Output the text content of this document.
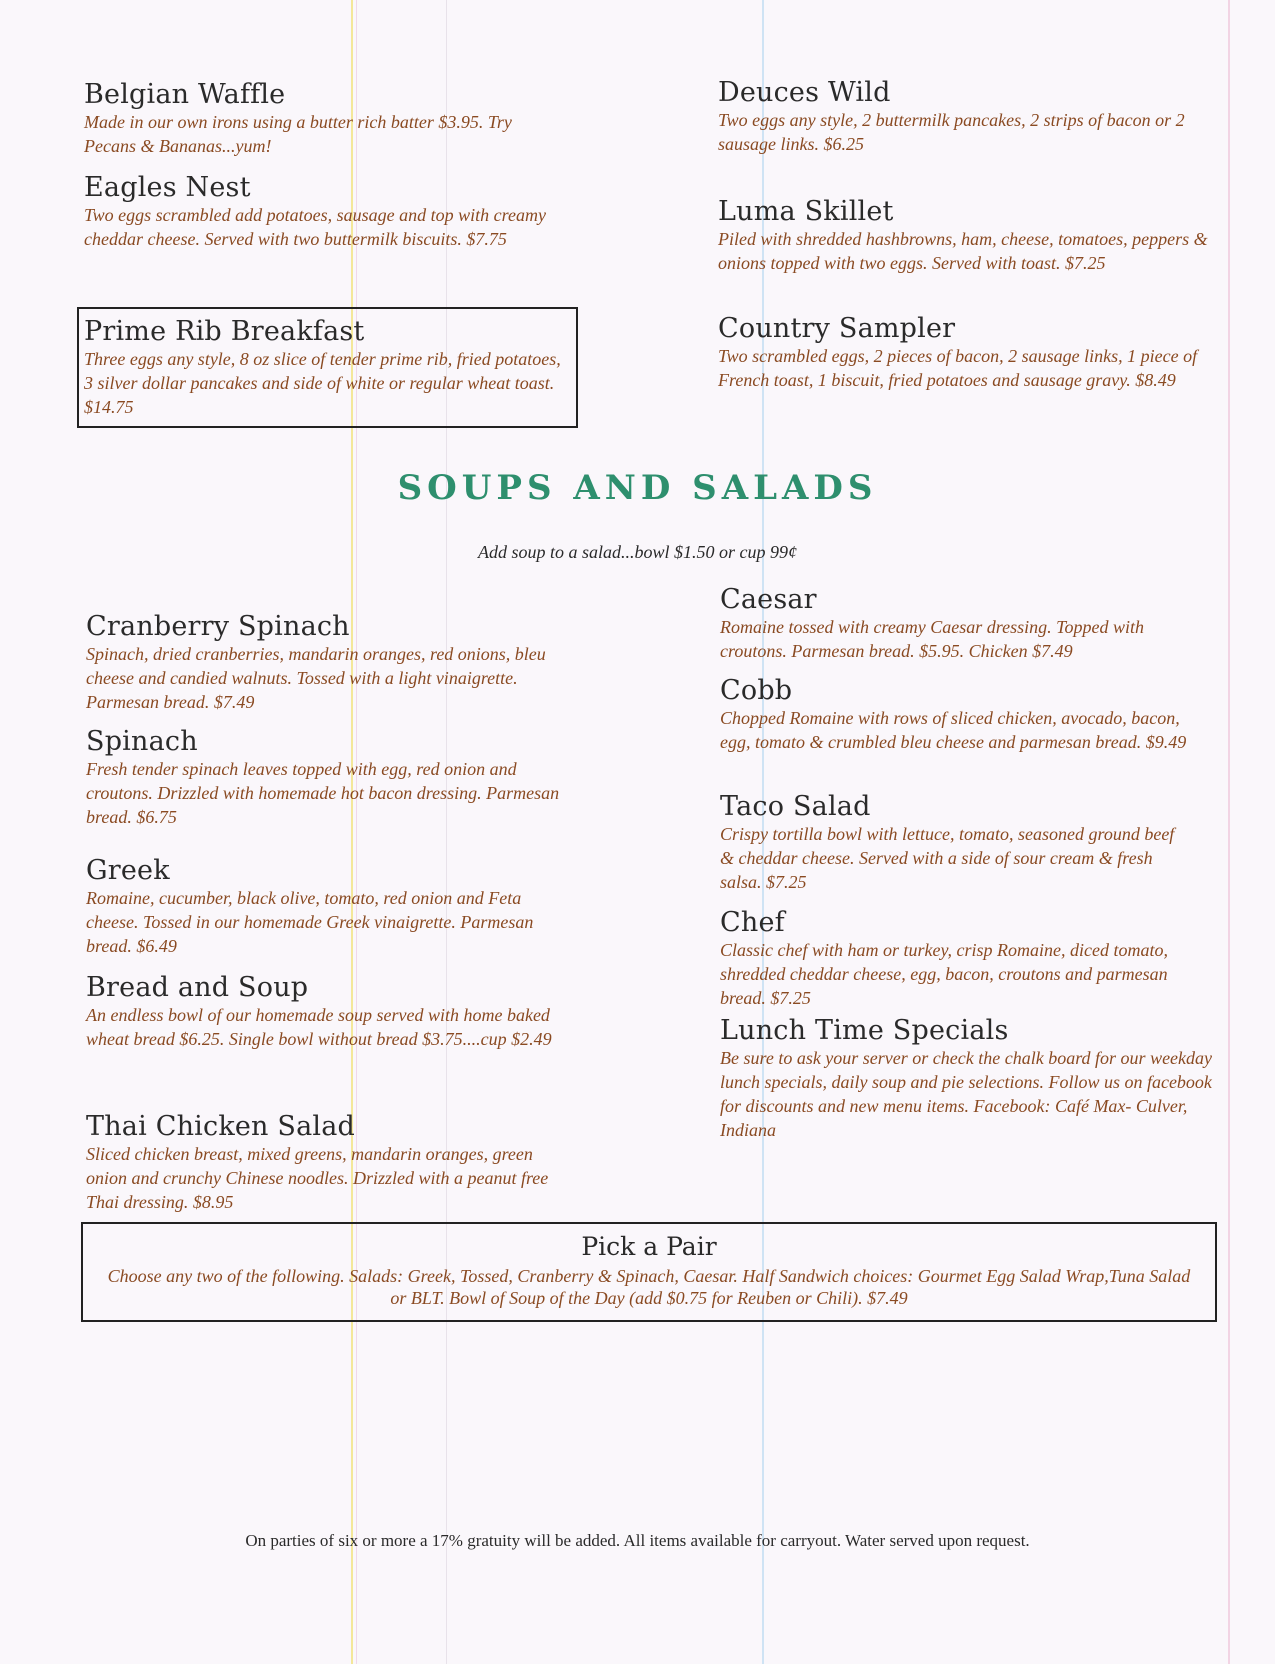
Belgian Waffle

Made in our own irons using a butter rich batter $3.95. Try Pecans & Bananas...yum!

Eagles Nest

Two eggs scrambled add potatoes, sausage and top with creamy cheddar cheese. Served with two buttermilk biscuits. $7.75

Prime Rib Breakfast

Three eggs any style, 8 oz slice of tender prime rib, fried potatoes, 3 silver dollar pancakes and side of white or regular wheat toast. $14.75

Deuces Wild

Two eggs any style, 2 buttermilk pancakes, 2 strips of bacon or 2 sausage links. $6.25

Luma Skillet

Piled with shredded hashbrowns, ham, cheese, tomatoes, peppers & onions topped with two eggs. Served with toast. $7.25

Country Sampler

Two scrambled eggs, 2 pieces of bacon, 2 sausage links, 1 piece of French toast, 1 biscuit, fried potatoes and sausage gravy. $8.49

SOUPS AND SALADS
Add soup to a salad...bowl $1.50 or cup 99¢

Cranberry Spinach

Spinach, dried cranberries, mandarin oranges, red onions, bleu cheese and candied walnuts. Tossed with a light vinaigrette. Parmesan bread. $7.49

Spinach

Fresh tender spinach leaves topped with egg, red onion and croutons. Drizzled with homemade hot bacon dressing. Parmesan bread. $6.75

Greek

Romaine, cucumber, black olive, tomato, red onion and Feta cheese. Tossed in our homemade Greek vinaigrette. Parmesan bread. $6.49

Bread and Soup

An endless bowl of our homemade soup served with home baked wheat bread $6.25. Single bowl without bread $3.75....cup $2.49

Thai Chicken Salad

Sliced chicken breast, mixed greens, mandarin oranges, green onion and crunchy Chinese noodles. Drizzled with a peanut free Thai dressing. $8.95

Caesar

Romaine tossed with creamy Caesar dressing. Topped with croutons. Parmesan bread. $5.95. Chicken $7.49

Cobb

Chopped Romaine with rows of sliced chicken, avocado, bacon, egg, tomato & crumbled bleu cheese and parmesan bread. $9.49

Taco Salad

Crispy tortilla bowl with lettuce, tomato, seasoned ground beef & cheddar cheese. Served with a side of sour cream & fresh salsa. $7.25

Chef

Classic chef with ham or turkey, crisp Romaine, diced tomato, shredded cheddar cheese, egg, bacon, croutons and parmesan bread. $7.25

Lunch Time Specials

Be sure to ask your server or check the chalk board for our weekday lunch specials, daily soup and pie selections. Follow us on facebook for discounts and new menu items. Facebook: Café Max- Culver, Indiana

Pick a Pair
Choose any two of the following. Salads: Greek, Tossed, Cranberry & Spinach, Caesar. Half Sandwich choices: Gourmet Egg Salad Wrap,Tuna Salad or BLT. Bowl of Soup of the Day (add $0.75 for Reuben or Chili). $7.49
On parties of six or more a 17% gratuity will be added. All items available for carryout. Water served upon request.
